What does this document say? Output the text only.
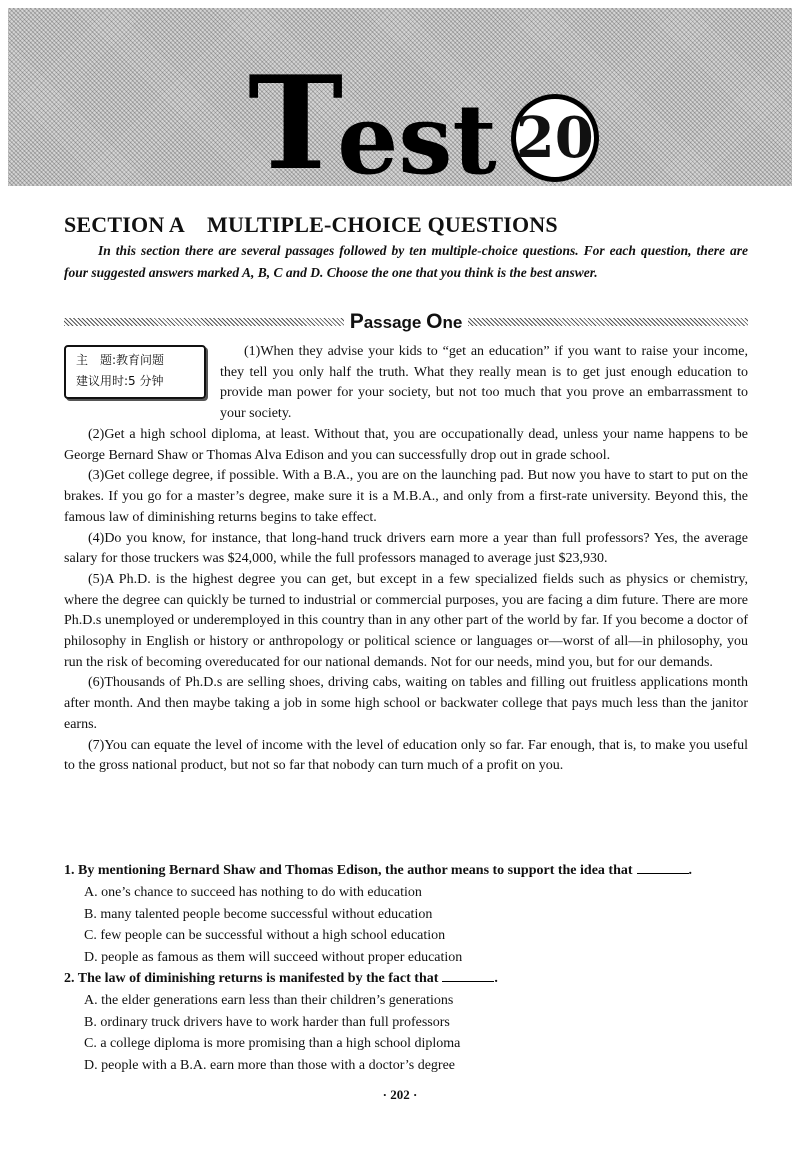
T
est 20
SECTION A MULTIPLE-CHOICE QUESTIONS
In this section there are several passages followed by ten multiple-choice questions. For each question, there are four suggested answers marked A, B, C and D. Choose the one that you think is the best answer.
Passage One
主　题:教育问题
建议用时:5 分钟
(1)When they advise your kids to “get an education” if you want to raise your income, they tell you only half the truth. What they really mean is to get just enough education to provide man power for your society, but not too much that you prove an embarrassment to your society.

(2)Get a high school diploma, at least. Without that, you are occupationally dead, unless your name happens to be George Bernard Shaw or Thomas Alva Edison and you can successfully drop out in grade school.

(3)Get college degree, if possible. With a B.A., you are on the launching pad. But now you have to start to put on the brakes. If you go for a master’s degree, make sure it is a M.B.A., and only from a first-rate university. Beyond this, the famous law of diminishing returns begins to take effect.

(4)Do you know, for instance, that long-hand truck drivers earn more a year than full professors? Yes, the average salary for those truckers was $24,000, while the full professors managed to average just $23,930.

(5)A Ph.D. is the highest degree you can get, but except in a few specialized fields such as physics or chemistry, where the degree can quickly be turned to industrial or commercial purposes, you are facing a dim future. There are more Ph.D.s unemployed or underemployed in this country than in any other part of the world by far. If you become a doctor of philosophy in English or history or anthropology or political science or languages or—worst of all—in philosophy, you run the risk of becoming overeducated for our national demands. Not for our needs, mind you, but for our demands.

(6)Thousands of Ph.D.s are selling shoes, driving cabs, waiting on tables and filling out fruitless applications month after month. And then maybe taking a job in some high school or backwater college that pays much less than the janitor earns.

(7)You can equate the level of income with the level of education only so far. Far enough, that is, to make you useful to the gross national product, but not so far that nobody can turn much of a profit on you.

1. By mentioning Bernard Shaw and Thomas Edison, the author means to support the idea that	.
A. one’s chance to succeed has nothing to do with education
B. many talented people become successful without education
C. few people can be successful without a high school education
D. people as famous as them will succeed without proper education
2. The law of diminishing returns is manifested by the fact that	.
A. the elder generations earn less than their children’s generations
B. ordinary truck drivers have to work harder than full professors
C. a college diploma is more promising than a high school diploma
D. people with a B.A. earn more than those with a doctor’s degree
· 202 ·
